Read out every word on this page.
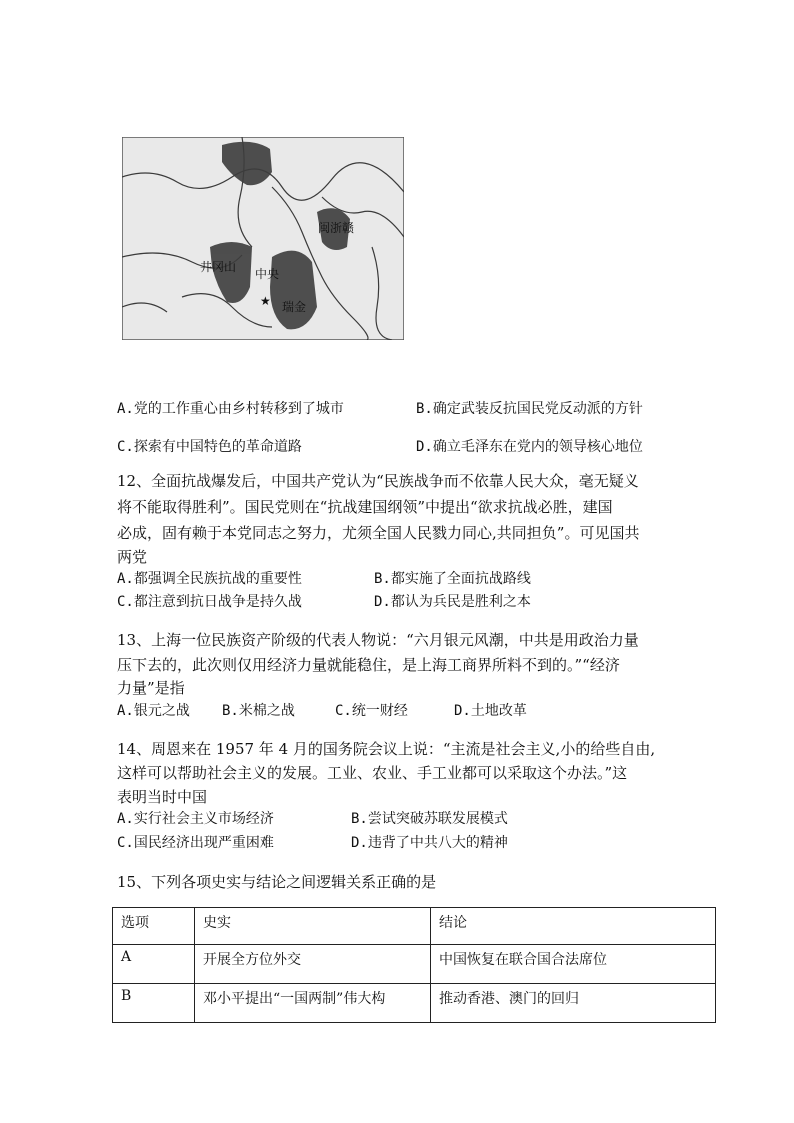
井冈山 中央
瑞金
闽浙赣
★
A.党的工作重心由乡村转移到了城市	B.确定武装反抗国民党反动派的方针
C.探索有中国特色的革命道路	D.确立毛泽东在党内的领导核心地位
12、全面抗战爆发后，中国共产党认为“民族战争而不依靠人民大众，毫无疑义
将不能取得胜利”。国民党则在“抗战建国纲领”中提出“欲求抗战必胜，建国
必成，固有赖于本党同志之努力，尤须全国人民戮力同心,共同担负”。可见国共
两党
A.都强调全民族抗战的重要性	B.都实施了全面抗战路线
C.都注意到抗日战争是持久战	D.都认为兵民是胜利之本
13、上海一位民族资产阶级的代表人物说：“六月银元风潮，中共是用政治力量
压下去的，此次则仅用经济力量就能稳住，是上海工商界所料不到的。”“经济
力量”是指
A.银元之战 B.米棉之战	C.统一财经	D.土地改革
14、周恩来在 1957 年 4 月的国务院会议上说：“主流是社会主义,小的给些自由,
这样可以帮助社会主义的发展。工业、农业、手工业都可以采取这个办法。”这
表明当时中国
A.实行社会主义市场经济	B.尝试突破苏联发展模式
C.国民经济出现严重困难	D.违背了中共八大的精神
15、下列各项史实与结论之间逻辑关系正确的是
选项	史实	结论
A	开展全方位外交	中国恢复在联合国合法席位
B	邓小平提出“一国两制”伟大构	推动香港、澳门的回归
